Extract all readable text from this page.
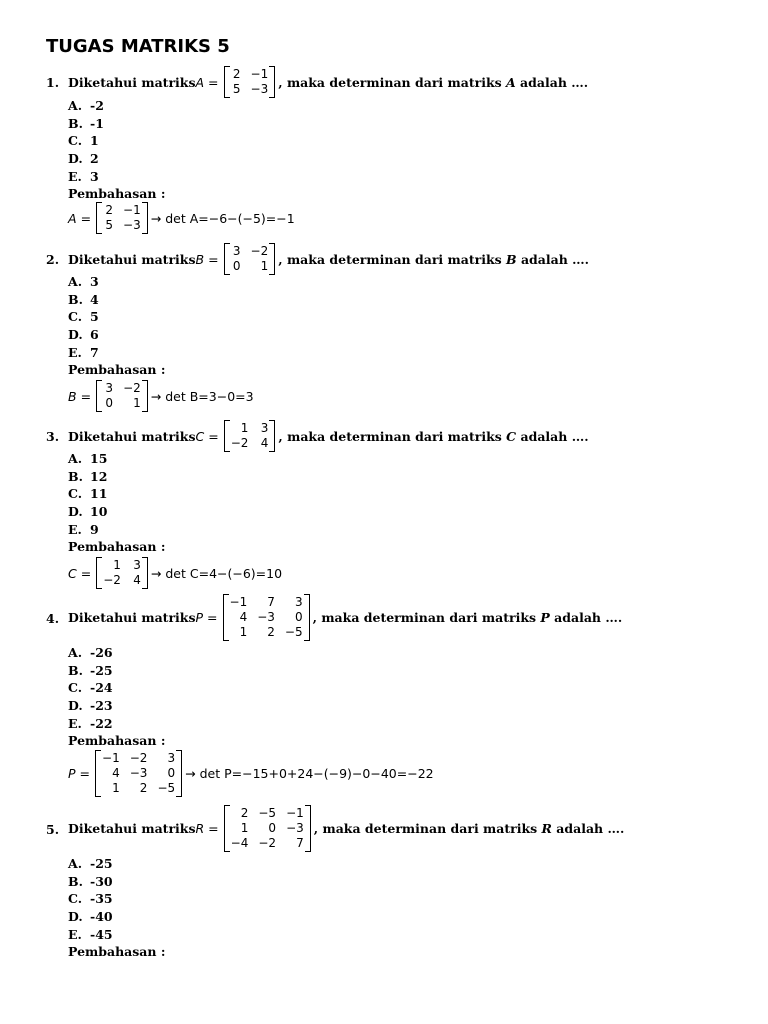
TUGAS MATRIKS 5
1. Diketahui matriks A =
2 −1
5 −3 , maka determinan dari matriks A adalah ….
A. -2
B. -1
C. 1
D. 2
E. 3
Pembahasan :
A =
2 −1
5 −3 → det A=−6−(−5)=−1
2. Diketahui matriks B =
3 −2
0	1 , maka determinan dari matriks B adalah ….
A. 3
B. 4
C. 5
D. 6
E. 7
Pembahasan :
B =
3 −2
0	1 → det B=3−0=3
3. Diketahui matriks C =
1 3
−2 4 , maka determinan dari matriks C adalah ….
A. 15
B. 12
C. 11
D. 10
E. 9
Pembahasan :
C =
1 3
−2 4 → det C=4−(−6)=10
4. Diketahui matriks P =
−1	7	3
4 −3	0
1	2 −5
, maka determinan dari matriks P adalah ….
A. -26
B. -25
C. -24
D. -23
E. -22
Pembahasan :
P =
−1 −2	3
4 −3	0
1	2 −5
→ det P=−15+0+24−(−9)−0−40=−22
5. Diketahui matriks R =
2 −5 −1
1	0 −3
−4 −2	7
, maka determinan dari matriks R adalah ….
A. -25
B. -30
C. -35
D. -40
E. -45
Pembahasan :
